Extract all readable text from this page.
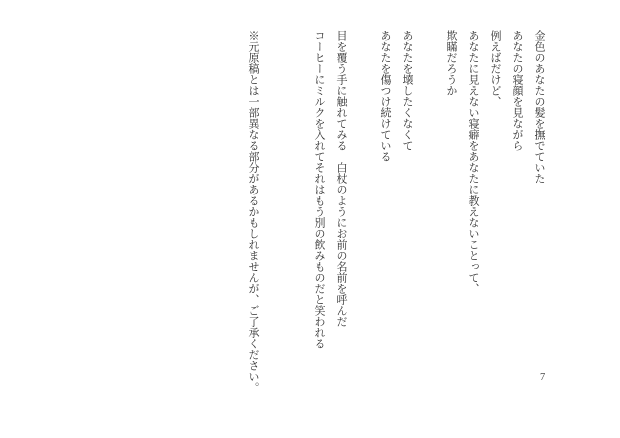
金色のあなたの髪を撫でていた

あなたの寝顔を見ながら

例えばだけど、

あなたに見えない寝癖をあなたに教えないことって、

欺瞞だろうか

あなたを壊したくなくて

あなたを傷つけ続けている

目を覆う手に触れてみる　白杖のようにお前の名前を呼んだ

コーヒーにミルクを入れてそれはもう別の飲みものだと笑われる

※元原稿とは一部異なる部分があるかもしれませんが、ご了承ください。	7
